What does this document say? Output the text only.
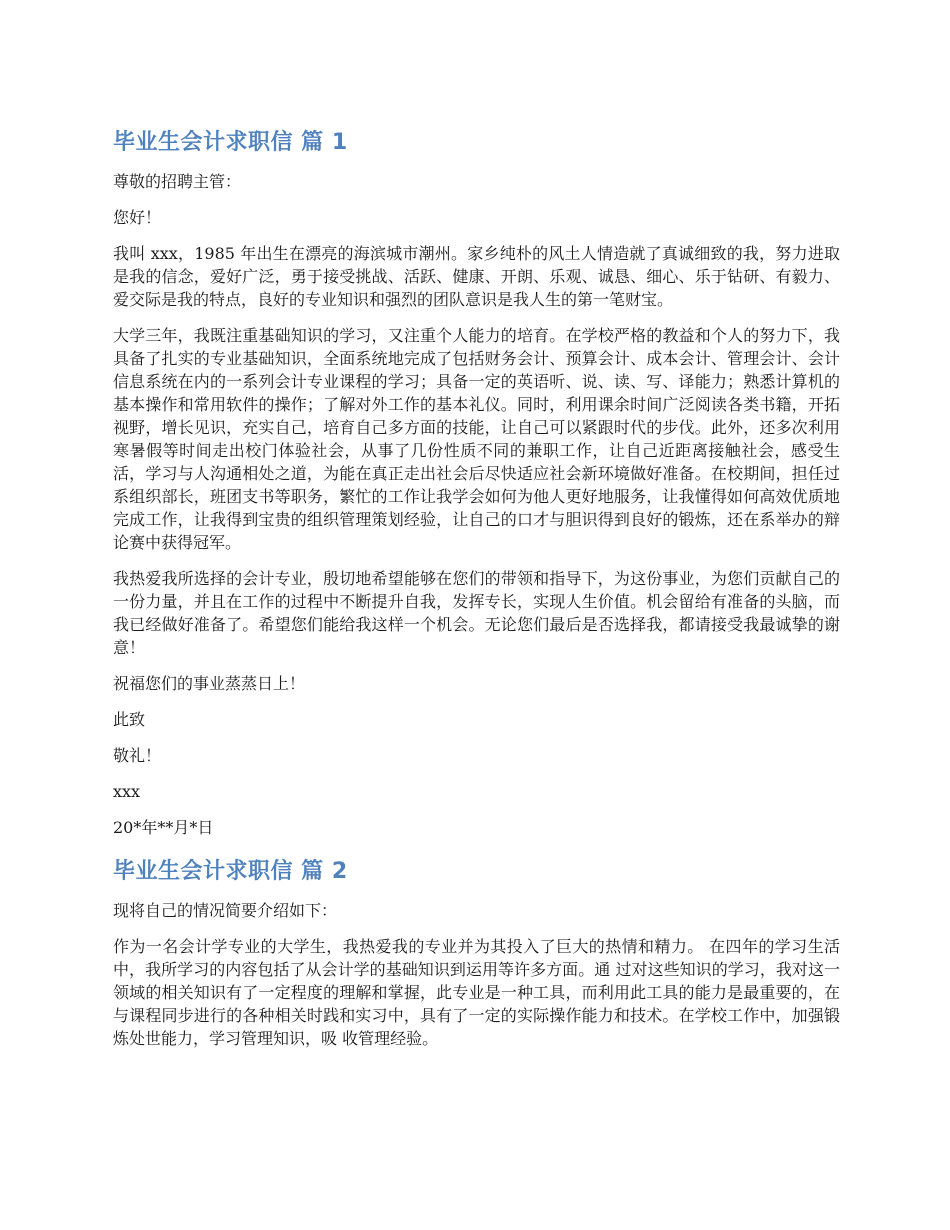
毕业生会计求职信 篇 1

尊敬的招聘主管：

您好！

我叫 xxx，1985 年出生在漂亮的海滨城市潮州。家乡纯朴的风土人情造就了真诚细致的我，努力进取是我的信念，爱好广泛，勇于接受挑战、活跃、健康、开朗、乐观、诚恳、细心、乐于钻研、有毅力、爱交际是我的特点，良好的专业知识和强烈的团队意识是我人生的第一笔财宝。

大学三年，我既注重基础知识的学习，又注重个人能力的培育。在学校严格的教益和个人的努力下，我具备了扎实的专业基础知识，全面系统地完成了包括财务会计、预算会计、成本会计、管理会计、会计信息系统在内的一系列会计专业课程的学习；具备一定的英语听、说、读、写、译能力；熟悉计算机的基本操作和常用软件的操作；了解对外工作的基本礼仪。同时，利用课余时间广泛阅读各类书籍，开拓视野，增长见识，充实自己，培育自己多方面的技能，让自己可以紧跟时代的步伐。此外，还多次利用寒暑假等时间走出校门体验社会，从事了几份性质不同的兼职工作，让自己近距离接触社会，感受生活，学习与人沟通相处之道，为能在真正走出社会后尽快适应社会新环境做好准备。在校期间，担任过系组织部长，班团支书等职务，繁忙的工作让我学会如何为他人更好地服务，让我懂得如何高效优质地完成工作，让我得到宝贵的组织管理策划经验，让自己的口才与胆识得到良好的锻炼，还在系举办的辩论赛中获得冠军。

我热爱我所选择的会计专业，殷切地希望能够在您们的带领和指导下，为这份事业，为您们贡献自己的一份力量，并且在工作的过程中不断提升自我，发挥专长，实现人生价值。机会留给有准备的头脑，而我已经做好准备了。希望您们能给我这样一个机会。无论您们最后是否选择我，都请接受我最诚挚的谢意！

祝福您们的事业蒸蒸日上！

此致

敬礼！

xxx

20*年**月*日

毕业生会计求职信 篇 2

现将自己的情况简要介绍如下：

作为一名会计学专业的大学生，我热爱我的专业并为其投入了巨大的热情和精力。 在四年的学习生活中，我所学习的内容包括了从会计学的基础知识到运用等许多方面。通 过对这些知识的学习，我对这一领域的相关知识有了一定程度的理解和掌握，此专业是一种工具，而利用此工具的能力是最重要的，在与课程同步进行的各种相关时践和实习中，具有了一定的实际操作能力和技术。在学校工作中，加强锻炼处世能力，学习管理知识，吸 收管理经验。
